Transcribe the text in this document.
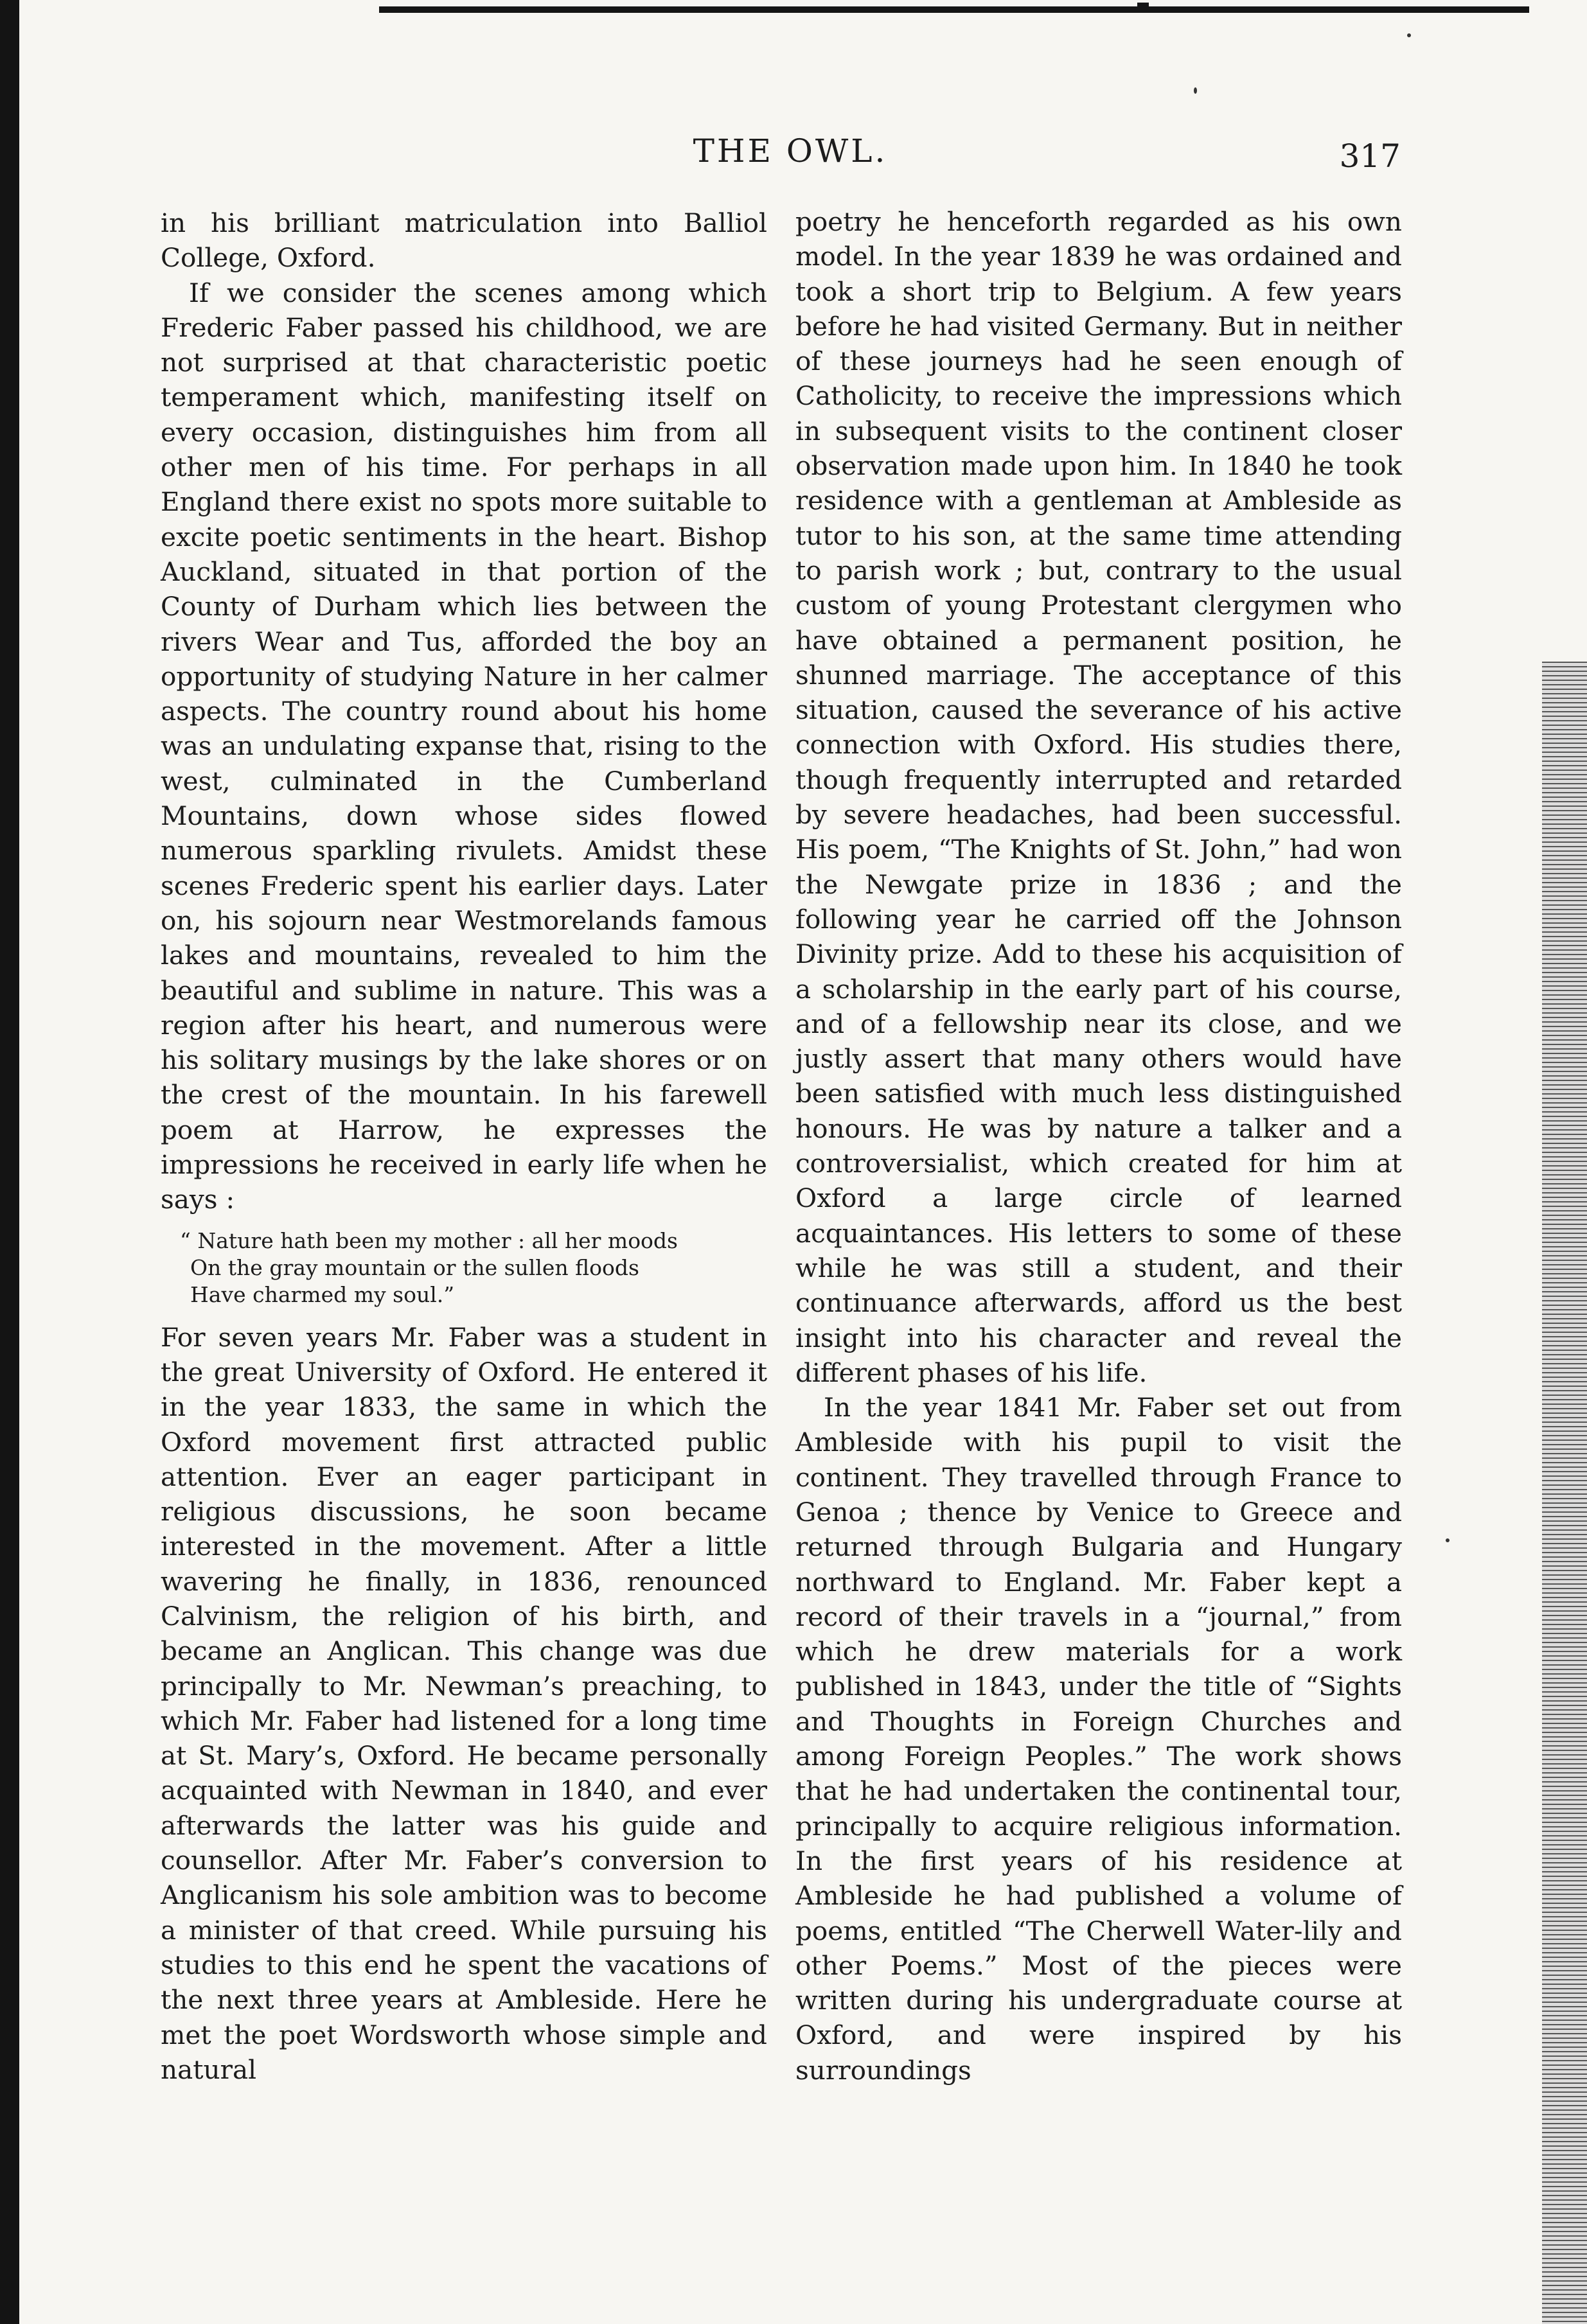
THE OWL.	317

in his brilliant matriculation into Balliol College, Oxford.

If we consider the scenes among which Frederic Faber passed his childhood, we are not surprised at that characteristic poetic temperament which, manifesting itself on every occasion, distinguishes him from all other men of his time. For perhaps in all England there exist no spots more suitable to excite poetic sentiments in the heart. Bishop Auckland, situated in that portion of the County of Durham which lies between the rivers Wear and Tus, afforded the boy an opportunity of studying Nature in her calmer aspects. The country round about his home was an undulating expanse that, rising to the west, culminated in the Cumberland Mountains, down whose sides flowed numerous sparkling rivulets. Amidst these scenes Frederic spent his earlier days. Later on, his sojourn near Westmorelands famous lakes and mountains, revealed to him the beautiful and sublime in nature. This was a region after his heart, and numerous were his solitary musings by the lake shores or on the crest of the mountain. In his farewell poem at Harrow, he expresses the impressions he received in early life when he says :

“ Nature hath been my mother : all her moods
On the gray mountain or the sullen floods
Have charmed my soul.”

For seven years Mr. Faber was a student in the great University of Oxford. He entered it in the year 1833, the same in which the Oxford movement first attracted public attention. Ever an eager participant in religious discussions, he soon became interested in the movement. After a little wavering he finally, in 1836, renounced Calvinism, the religion of his birth, and became an Anglican. This change was due principally to Mr. Newman’s preaching, to which Mr. Faber had listened for a long time at St. Mary’s, Oxford. He became personally acquainted with Newman in 1840, and ever afterwards the latter was his guide and counsellor. After Mr. Faber’s conversion to Anglicanism his sole ambition was to become a minister of that creed. While pursuing his studies to this end he spent the vacations of the next three years at Ambleside. Here he met the poet Wordsworth whose simple and natural

poetry he henceforth regarded as his own model. In the year 1839 he was ordained and took a short trip to Belgium. A few years before he had visited Germany. But in neither of these journeys had he seen enough of Catholicity, to receive the impressions which in subsequent visits to the continent closer observation made upon him. In 1840 he took residence with a gentleman at Ambleside as tutor to his son, at the same time attending to parish work ; but, contrary to the usual custom of young Protestant clergymen who have obtained a permanent position, he shunned marriage. The acceptance of this situation, caused the severance of his active connection with Oxford. His studies there, though frequently interrupted and retarded by severe headaches, had been successful. His poem, “The Knights of St. John,” had won the Newgate prize in 1836 ; and the following year he carried off the Johnson Divinity prize. Add to these his acquisition of a scholarship in the early part of his course, and of a fellowship near its close, and we justly assert that many others would have been satisfied with much less distinguished honours. He was by nature a talker and a controversialist, which created for him at Oxford a large circle of learned acquaintances. His letters to some of these while he was still a student, and their continuance afterwards, afford us the best insight into his character and reveal the different phases of his life.

In the year 1841 Mr. Faber set out from Ambleside with his pupil to visit the continent. They travelled through France to Genoa ; thence by Venice to Greece and returned through Bulgaria and Hungary northward to England. Mr. Faber kept a record of their travels in a “journal,” from which he drew materials for a work published in 1843, under the title of “Sights and Thoughts in Foreign Churches and among Foreign Peoples.” The work shows that he had undertaken the continental tour, principally to acquire religious information. In the first years of his residence at Ambleside he had published a volume of poems, entitled “The Cherwell Water-lily and other Poems.” Most of the pieces were written during his undergraduate course at Oxford, and were inspired by his surroundings
